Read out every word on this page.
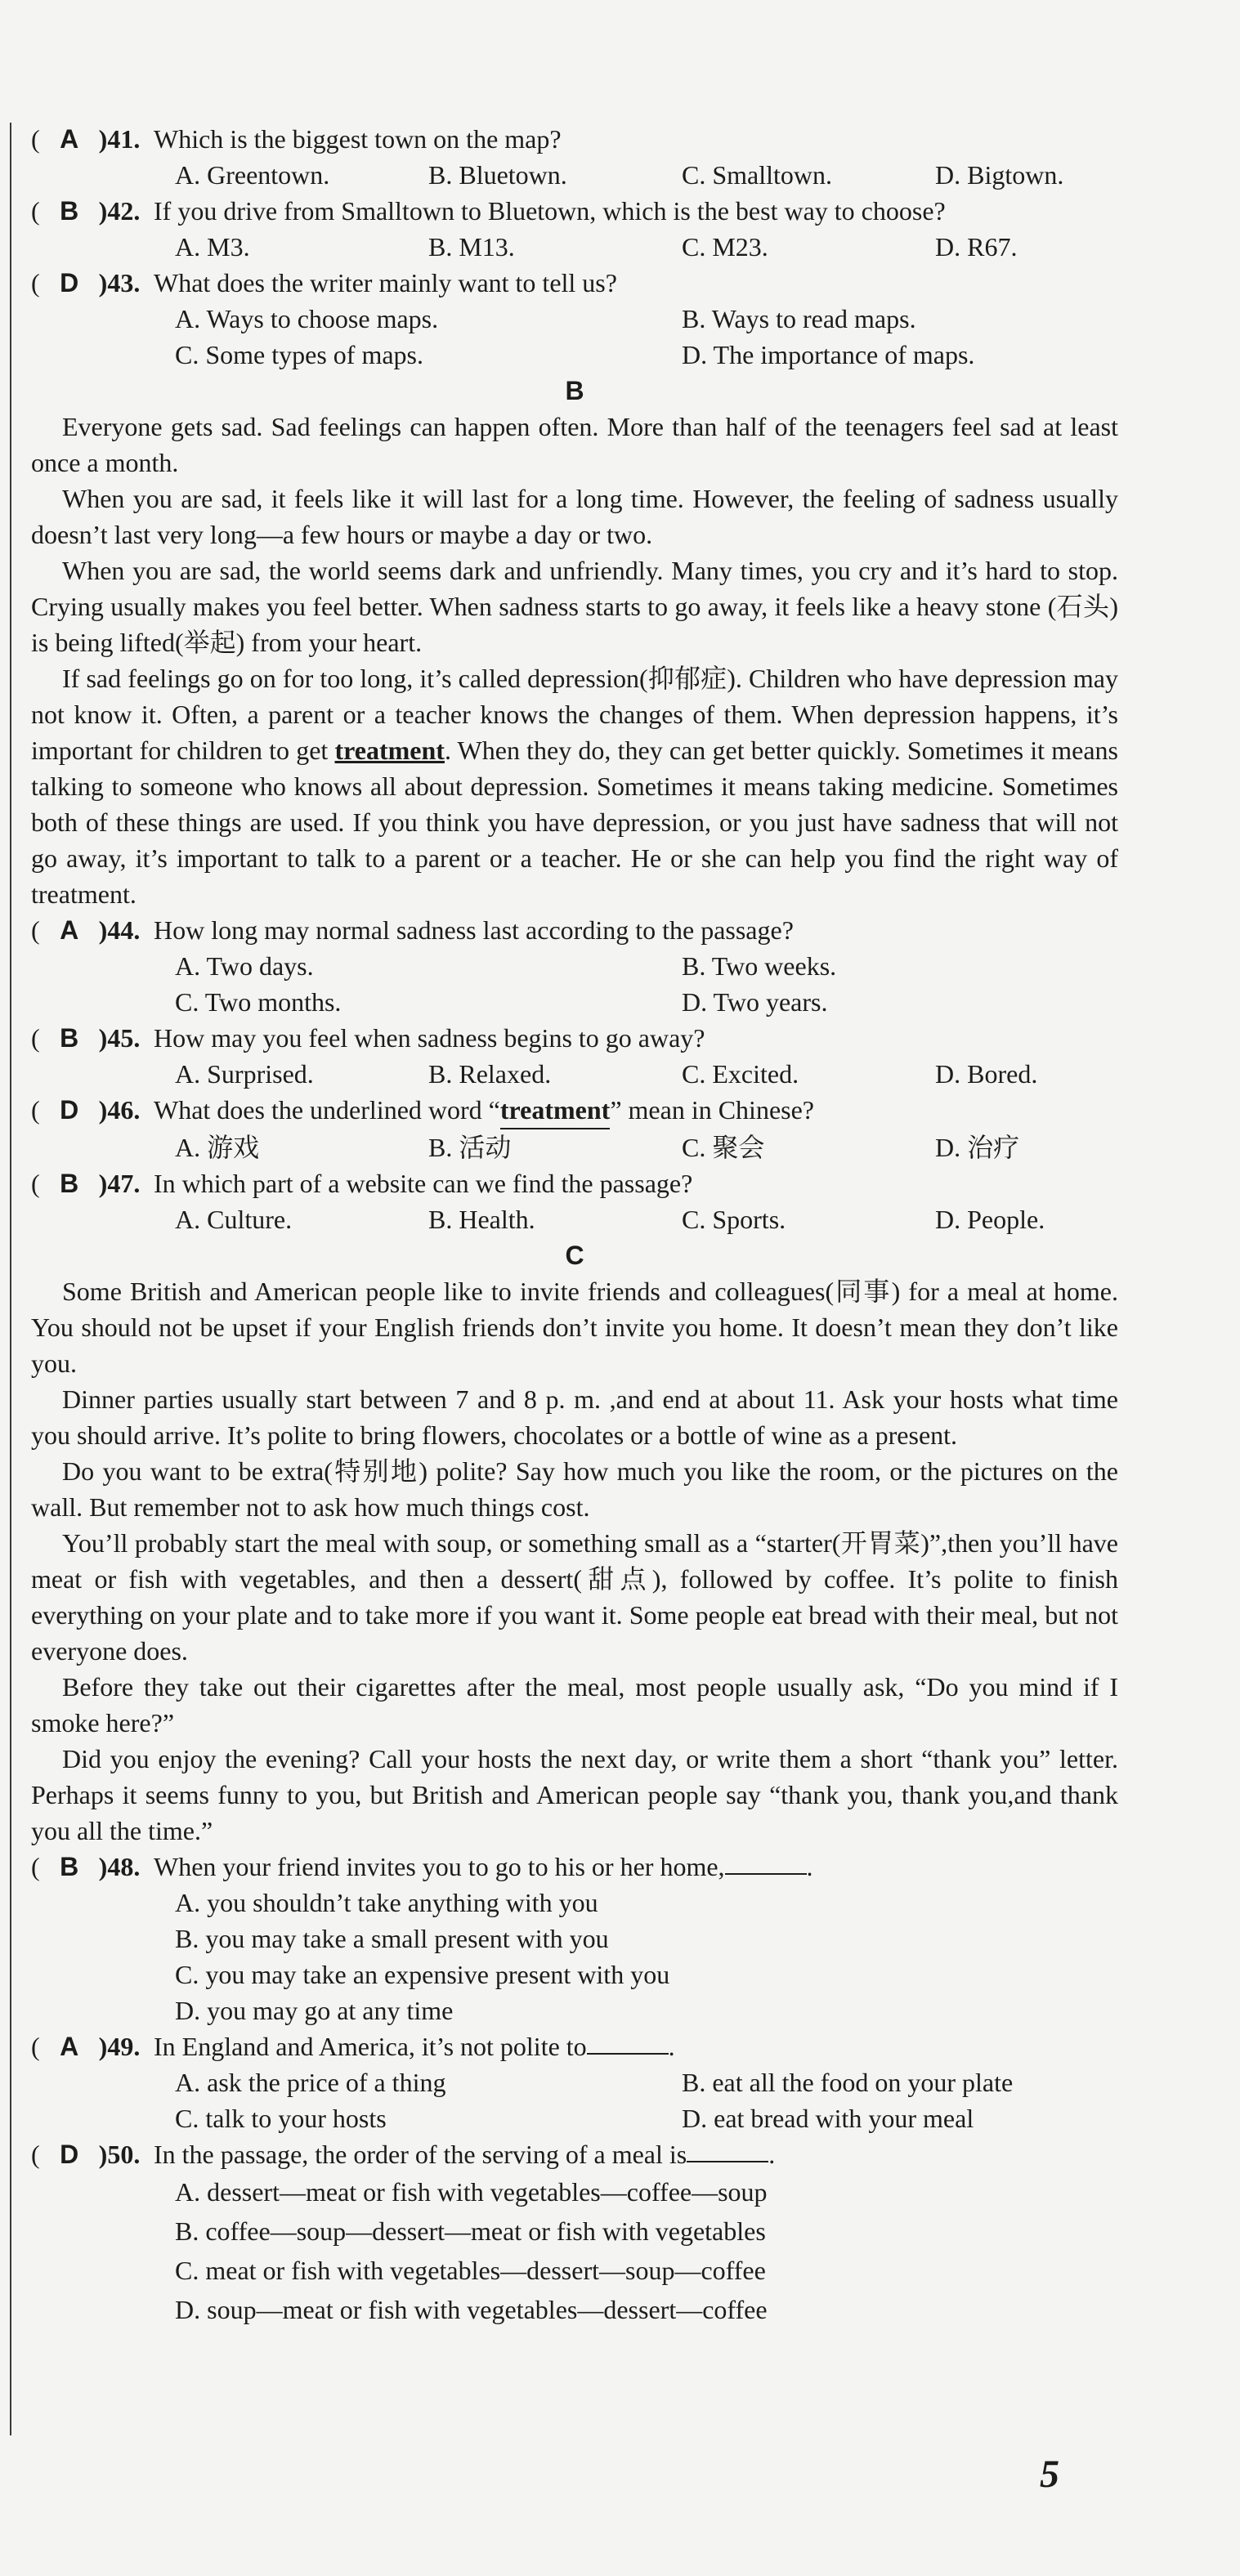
( A )41. Which is the biggest town on the map?
A. Greentown.	B. Bluetown.	C. Smalltown.	D. Bigtown.
( B )42. If you drive from Smalltown to Bluetown, which is the best way to choose?
A. M3.	B. M13.	C. M23.	D. R67.
( D )43. What does the writer mainly want to tell us?
A. Ways to choose maps.	B. Ways to read maps.
C. Some types of maps.	D. The importance of maps.
B

Everyone gets sad. Sad feelings can happen often. More than half of the teenagers feel sad at least once a month.

When you are sad, it feels like it will last for a long time. However, the feeling of sadness usually doesn’t last very long—a few hours or maybe a day or two.

When you are sad, the world seems dark and unfriendly. Many times, you cry and it’s hard to stop. Crying usually makes you feel better. When sadness starts to go away, it feels like a heavy stone (石头) is being lifted(举起) from your heart.

If sad feelings go on for too long, it’s called depression(抑郁症). Children who have depression may not know it. Often, a parent or a teacher knows the changes of them. When depression happens, it’s important for children to get treatment. When they do, they can get better quickly. Sometimes it means talking to someone who knows all about depression. Sometimes it means taking medicine. Sometimes both of these things are used. If you think you have depression, or you just have sadness that will not go away, it’s important to talk to a parent or a teacher. He or she can help you find the right way of treatment.

( A )44. How long may normal sadness last according to the passage?
A. Two days.	B. Two weeks.
C. Two months.	D. Two years.
( B )45. How may you feel when sadness begins to go away?
A. Surprised.	B. Relaxed.	C. Excited.	D. Bored.
( D )46. What does the underlined word “treatment” mean in Chinese?
A. 游戏	B. 活动	C. 聚会	D. 治疗
( B )47. In which part of a website can we find the passage?
A. Culture.	B. Health.	C. Sports.	D. People.
C

Some British and American people like to invite friends and colleagues(同事) for a meal at home. You should not be upset if your English friends don’t invite you home. It doesn’t mean they don’t like you.

Dinner parties usually start between 7 and 8 p. m. ,and end at about 11. Ask your hosts what time you should arrive. It’s polite to bring flowers, chocolates or a bottle of wine as a present.

Do you want to be extra(特别地) polite? Say how much you like the room, or the pictures on the wall. But remember not to ask how much things cost.

You’ll probably start the meal with soup, or something small as a “starter(开胃菜)”,then you’ll have meat or fish with vegetables, and then a dessert(甜点), followed by coffee. It’s polite to finish everything on your plate and to take more if you want it. Some people eat bread with their meal, but not everyone does.

Before they take out their cigarettes after the meal, most people usually ask, “Do you mind if I smoke here?”

Did you enjoy the evening? Call your hosts the next day, or write them a short “thank you” letter. Perhaps it seems funny to you, but British and American people say “thank you, thank you,and thank you all the time.”

( B )48. When your friend invites you to go to his or her home,	.
A. you shouldn’t take anything with you
B. you may take a small present with you
C. you may take an expensive present with you
D. you may go at any time
( A )49. In England and America, it’s not polite to	.
A. ask the price of a thing	B. eat all the food on your plate
C. talk to your hosts	D. eat bread with your meal
( D )50. In the passage, the order of the serving of a meal is	.
A. dessert—meat or fish with vegetables—coffee—soup
B. coffee—soup—dessert—meat or fish with vegetables
C. meat or fish with vegetables—dessert—soup—coffee
D. soup—meat or fish with vegetables—dessert—coffee
5
